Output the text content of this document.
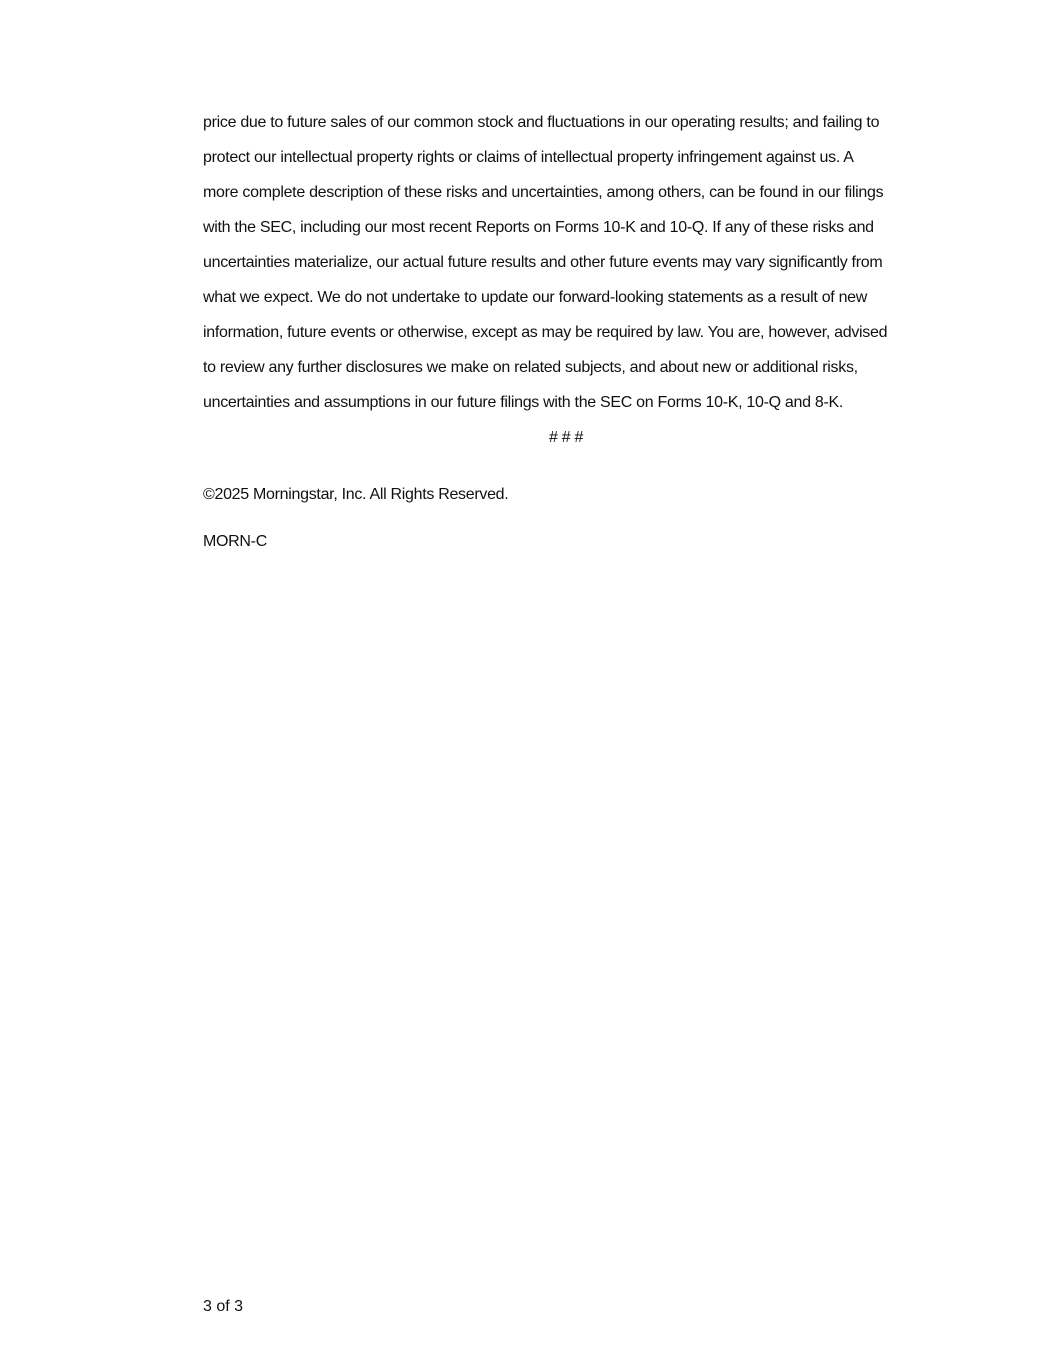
price due to future sales of our common stock and fluctuations in our operating results; and failing to
protect our intellectual property rights or claims of intellectual property infringement against us. A
more complete description of these risks and uncertainties, among others, can be found in our filings
with the SEC, including our most recent Reports on Forms 10-K and 10-Q. If any of these risks and
uncertainties materialize, our actual future results and other future events may vary significantly from
what we expect. We do not undertake to update our forward-looking statements as a result of new
information, future events or otherwise, except as may be required by law. You are, however, advised
to review any further disclosures we make on related subjects, and about new or additional risks,
uncertainties and assumptions in our future filings with the SEC on Forms 10-K, 10-Q and 8-K.
# # #
©2025 Morningstar, Inc. All Rights Reserved.
MORN-C
3 of 3
